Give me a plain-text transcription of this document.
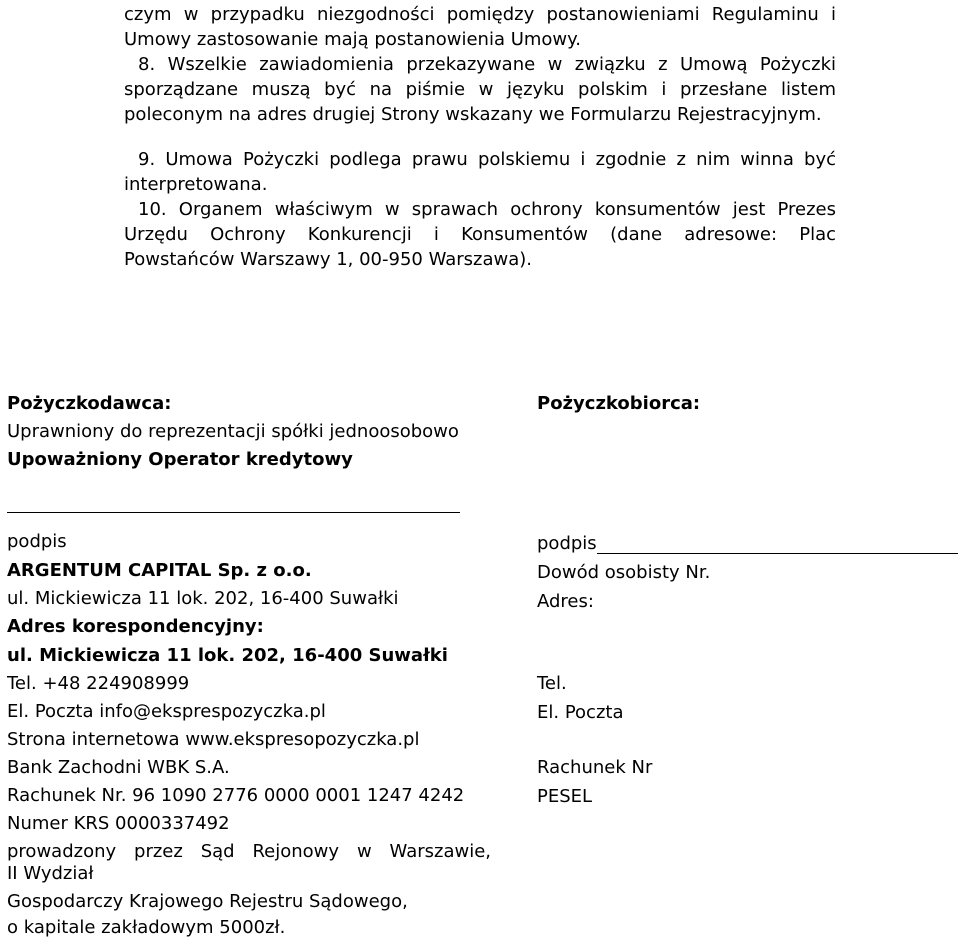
czym w przypadku niezgodności pomiędzy postanowieniami Regulaminu i Umowy zastosowanie mają postanowienia Umowy.
8. Wszelkie zawiadomienia przekazywane w związku z Umową Pożyczki sporządzane muszą być na piśmie w języku polskim i przesłane listem poleconym na adres drugiej Strony wskazany we Formularzu Rejestracyjnym.
9. Umowa Pożyczki podlega prawu polskiemu i zgodnie z nim winna być interpretowana.
10. Organem właściwym w sprawach ochrony konsumentów jest Prezes Urzędu Ochrony Konkurencji i Konsumentów (dane adresowe: Plac Powstańców Warszawy 1, 00-950 Warszawa).
Pożyczkodawca:
Uprawniony do reprezentacji spółki jednoosobowo
Upoważniony Operator kredytowy
podpis
ARGENTUM CAPITAL Sp. z o.o.
ul. Mickiewicza 11 lok. 202, 16-400 Suwałki
Adres korespondencyjny:
ul. Mickiewicza 11 lok. 202, 16-400 Suwałki
Tel. +48 224908999
El. Poczta info@eksprespozyczka.pl
Strona internetowa www.ekspresopozyczka.pl
Bank Zachodni WBK S.A.
Rachunek Nr. 96 1090 2776 0000 0001 1247 4242
Numer KRS 0000337492
prowadzony przez Sąd Rejonowy w Warszawie,
II Wydział
Gospodarczy Krajowego Rejestru Sądowego,
o kapitale zakładowym 5000zł.
Pożyczkobiorca:
podpis
Dowód osobisty Nr.
Adres:
Tel.
El. Poczta
Rachunek Nr
PESEL
